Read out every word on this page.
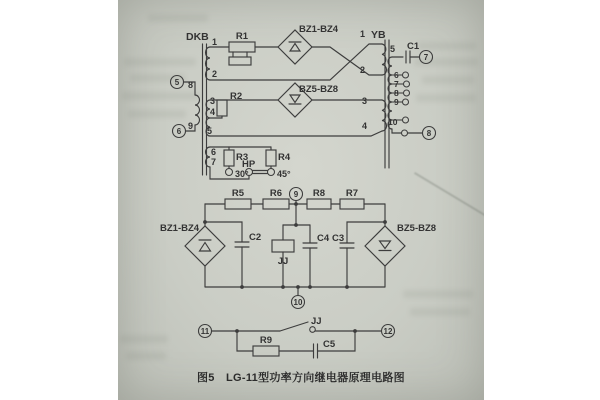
DKB 1
2
3
4
5
6
7
8
9
5
6
R1
R2
BZ1-BZ4
BZ5-BZ8
R3
30°
R4
45°
HP
YB
1
2
3
4
5
6
7
8
9
10
8
C1
7
R5	R6	R8 R7
9
BZ1-BZ4
C2
JJ
C4 C3
BZ5-BZ8
10
11
JJ
12
R9	C5
图5 LG-11型功率方向继电器原理电路图
